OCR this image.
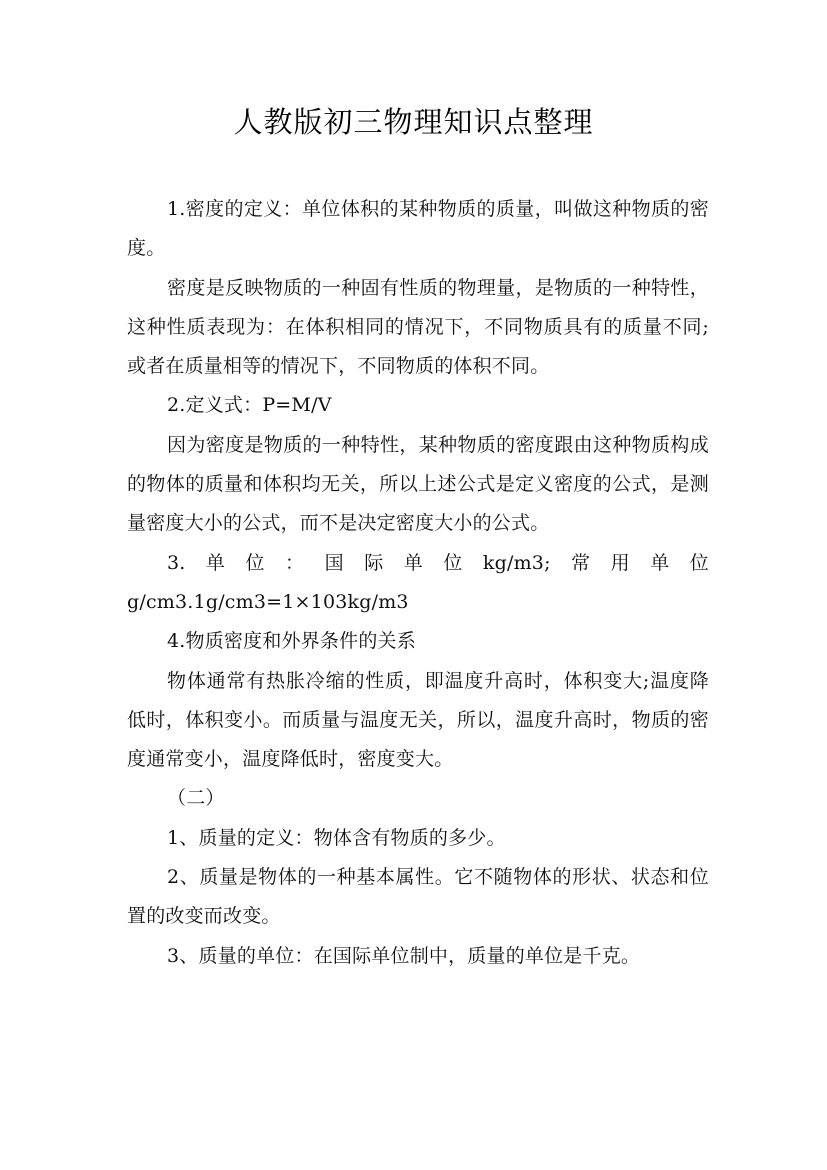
人教版初三物理知识点整理

1.密度的定义：单位体积的某种物质的质量，叫做这种物质的密度。

密度是反映物质的一种固有性质的物理量，是物质的一种特性，这种性质表现为：在体积相同的情况下，不同物质具有的质量不同;或者在质量相等的情况下，不同物质的体积不同。

2.定义式：P=M/V

因为密度是物质的一种特性，某种物质的密度跟由这种物质构成的物体的质量和体积均无关，所以上述公式是定义密度的公式，是测量密度大小的公式，而不是决定密度大小的公式。

3.单位：国际单位kg/m3;常用单位g/cm3.1g/cm3=1×103kg/m3

4.物质密度和外界条件的关系

物体通常有热胀冷缩的性质，即温度升高时，体积变大;温度降低时，体积变小。而质量与温度无关，所以，温度升高时，物质的密度通常变小，温度降低时，密度变大。

（二）

1、质量的定义：物体含有物质的多少。

2、质量是物体的一种基本属性。它不随物体的形状、状态和位置的改变而改变。

3、质量的单位：在国际单位制中，质量的单位是千克。
